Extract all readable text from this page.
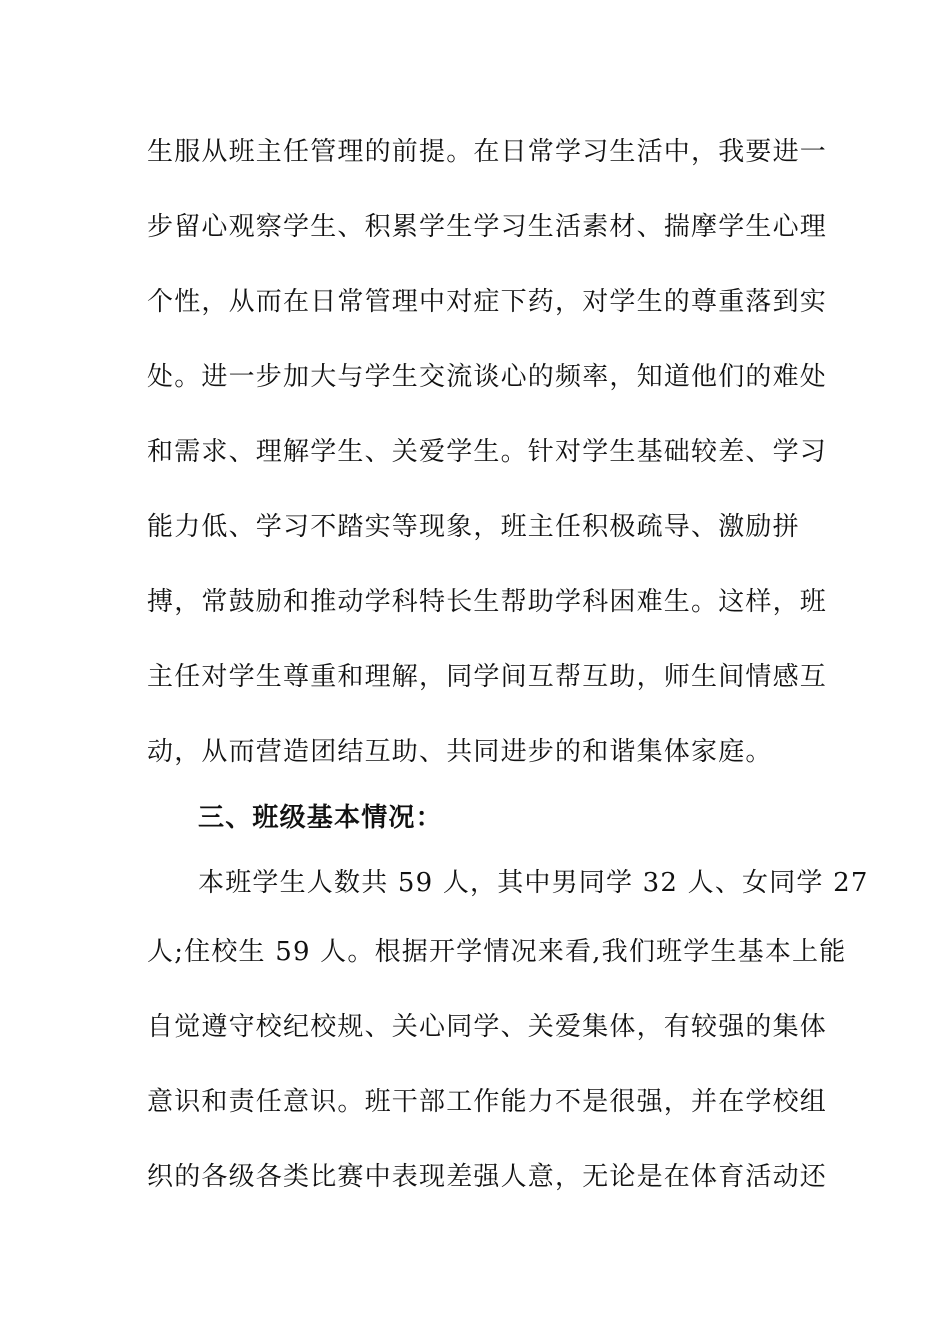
生服从班主任管理的前提。在日常学习生活中，我要进一
步留心观察学生、积累学生学习生活素材、揣摩学生心理
个性，从而在日常管理中对症下药，对学生的尊重落到实
处。进一步加大与学生交流谈心的频率，知道他们的难处
和需求、理解学生、关爱学生。针对学生基础较差、学习
能力低、学习不踏实等现象，班主任积极疏导、激励拼
搏，常鼓励和推动学科特长生帮助学科困难生。这样，班
主任对学生尊重和理解，同学间互帮互助，师生间情感互
动，从而营造团结互助、共同进步的和谐集体家庭。
三、班级基本情况：
本班学生人数共 59 人，其中男同学 32 人、女同学 27
人;住校生 59 人。根据开学情况来看,我们班学生基本上能
自觉遵守校纪校规、关心同学、关爱集体，有较强的集体
意识和责任意识。班干部工作能力不是很强，并在学校组
织的各级各类比赛中表现差强人意，无论是在体育活动还
